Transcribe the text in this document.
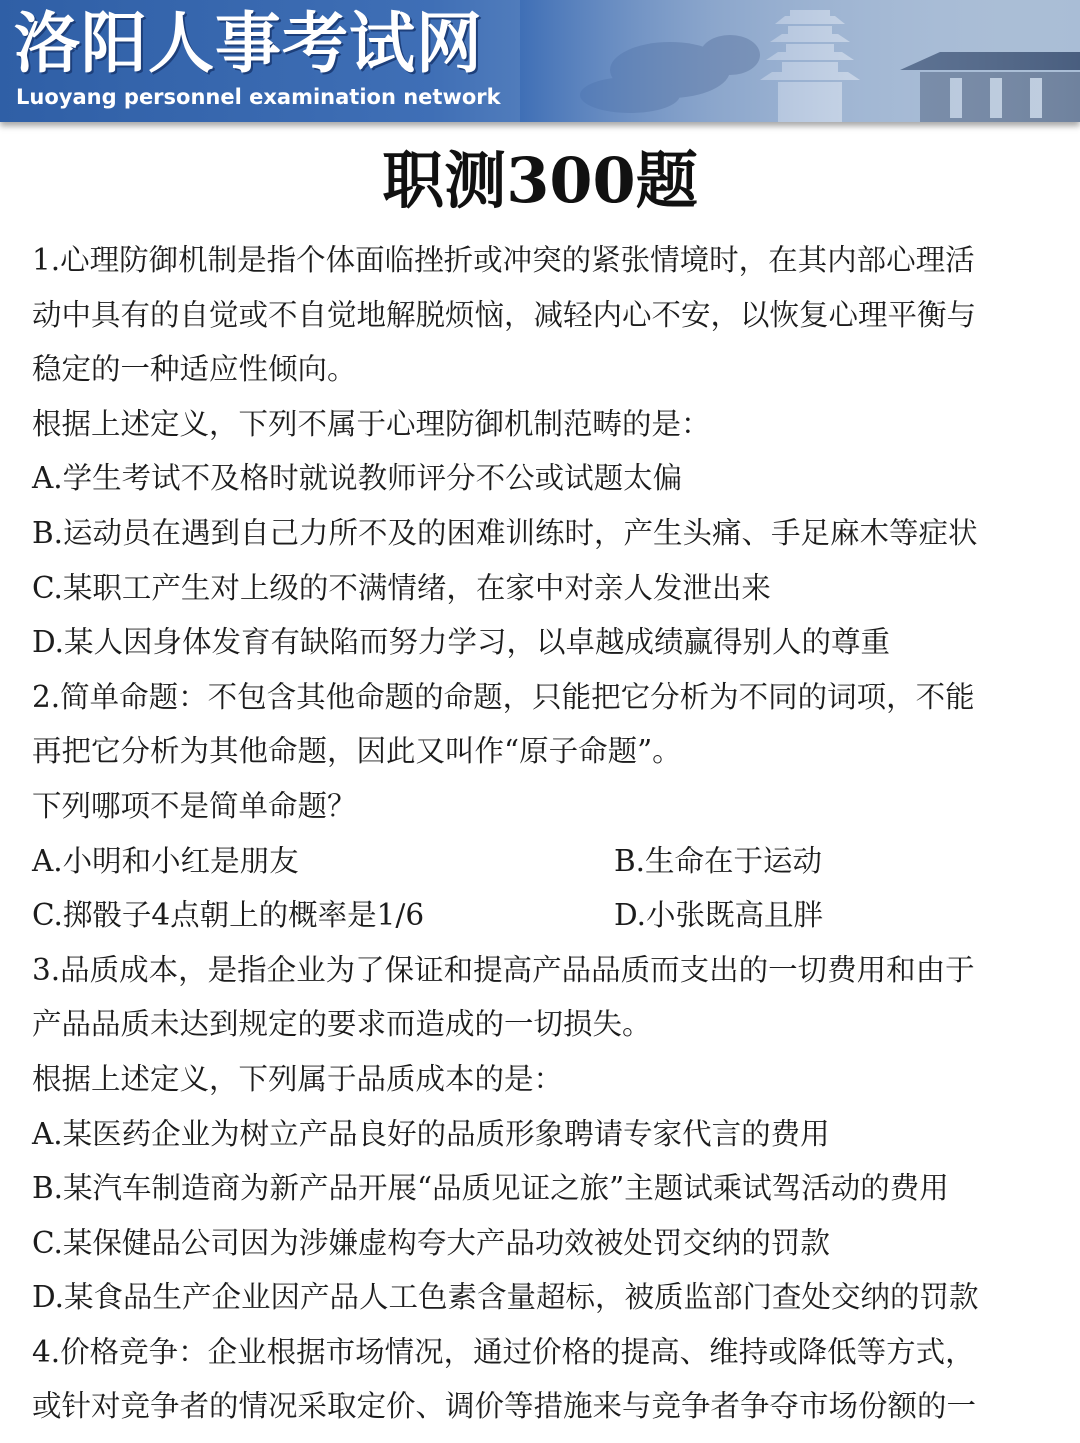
洛阳人事考试网
Luoyang personnel examination network
职测300题
1.心理防御机制是指个体面临挫折或冲突的紧张情境时，在其内部心理活
动中具有的自觉或不自觉地解脱烦恼，减轻内心不安，以恢复心理平衡与
稳定的一种适应性倾向。
根据上述定义，下列不属于心理防御机制范畴的是：
A.学生考试不及格时就说教师评分不公或试题太偏
B.运动员在遇到自己力所不及的困难训练时，产生头痛、手足麻木等症状
C.某职工产生对上级的不满情绪，在家中对亲人发泄出来
D.某人因身体发育有缺陷而努力学习，以卓越成绩赢得别人的尊重
2.简单命题：不包含其他命题的命题，只能把它分析为不同的词项，不能
再把它分析为其他命题，因此又叫作“原子命题”。
下列哪项不是简单命题？
A.小明和小红是朋友	B.生命在于运动
C.掷骰子4点朝上的概率是1/6	D.小张既高且胖
3.品质成本，是指企业为了保证和提高产品品质而支出的一切费用和由于
产品品质未达到规定的要求而造成的一切损失。
根据上述定义，下列属于品质成本的是：
A.某医药企业为树立产品良好的品质形象聘请专家代言的费用
B.某汽车制造商为新产品开展“品质见证之旅”主题试乘试驾活动的费用
C.某保健品公司因为涉嫌虚构夸大产品功效被处罚交纳的罚款
D.某食品生产企业因产品人工色素含量超标，被质监部门查处交纳的罚款
4.价格竞争：企业根据市场情况，通过价格的提高、维持或降低等方式，
或针对竞争者的情况采取定价、调价等措施来与竞争者争夺市场份额的一
